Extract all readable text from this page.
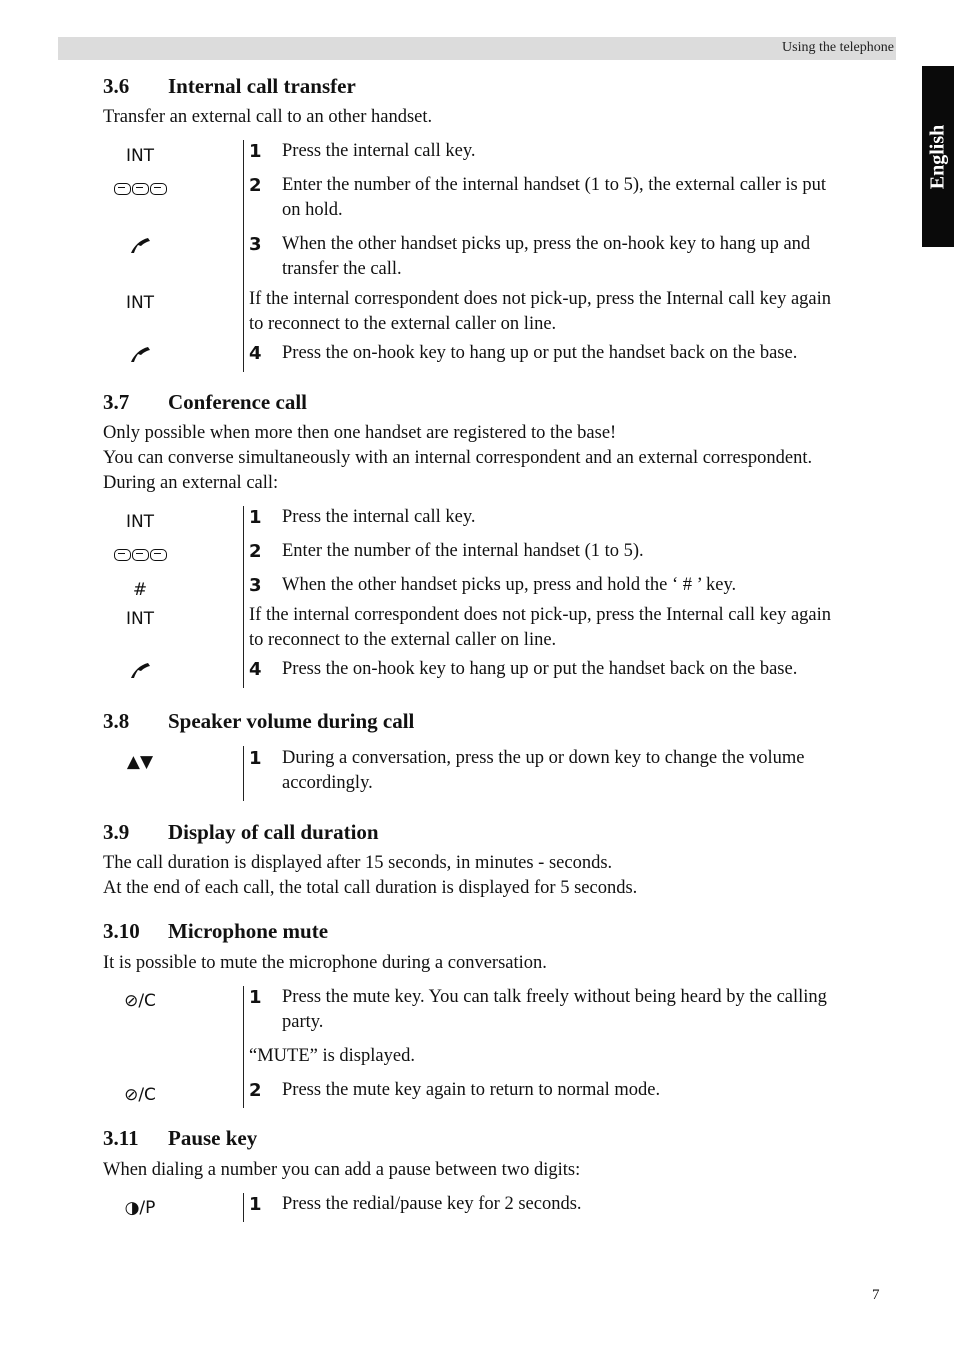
Using the telephone
English
3.6 Internal call transfer
Transfer an external call to an other handset.
INT
INT
1 Press the internal call key.
2 Enter the number of the internal handset (1 to 5), the external caller is put
on hold.
3 When the other handset picks up, press the on-hook key to hang up and
transfer the call.
If the internal correspondent does not pick-up, press the Internal call key again
to reconnect to the external caller on line.
4 Press the on-hook key to hang up or put the handset back on the base.
3.7 Conference call
Only possible when more then one handset are registered to the base!
You can converse simultaneously with an internal correspondent and an external correspondent.
During an external call:
INT
#
INT
1 Press the internal call key.
2 Enter the number of the internal handset (1 to 5).
3 When the other handset picks up, press and hold the ‘ # ’ key.
If the internal correspondent does not pick-up, press the Internal call key again
to reconnect to the external caller on line.
4 Press the on-hook key to hang up or put the handset back on the base.
3.8 Speaker volume during call
▲▼	1 During a conversation, press the up or down key to change the volume
accordingly.
3.9 Display of call duration
The call duration is displayed after 15 seconds, in minutes - seconds.
At the end of each call, the total call duration is displayed for 5 seconds.
3.10 Microphone mute
It is possible to mute the microphone during a conversation.
⊘/C
⊘/C
1 Press the mute key. You can talk freely without being heard by the calling
party.
“MUTE” is displayed.
2 Press the mute key again to return to normal mode.
3.11 Pause key
When dialing a number you can add a pause between two digits:
◑/P	1 Press the redial/pause key for 2 seconds.
7
